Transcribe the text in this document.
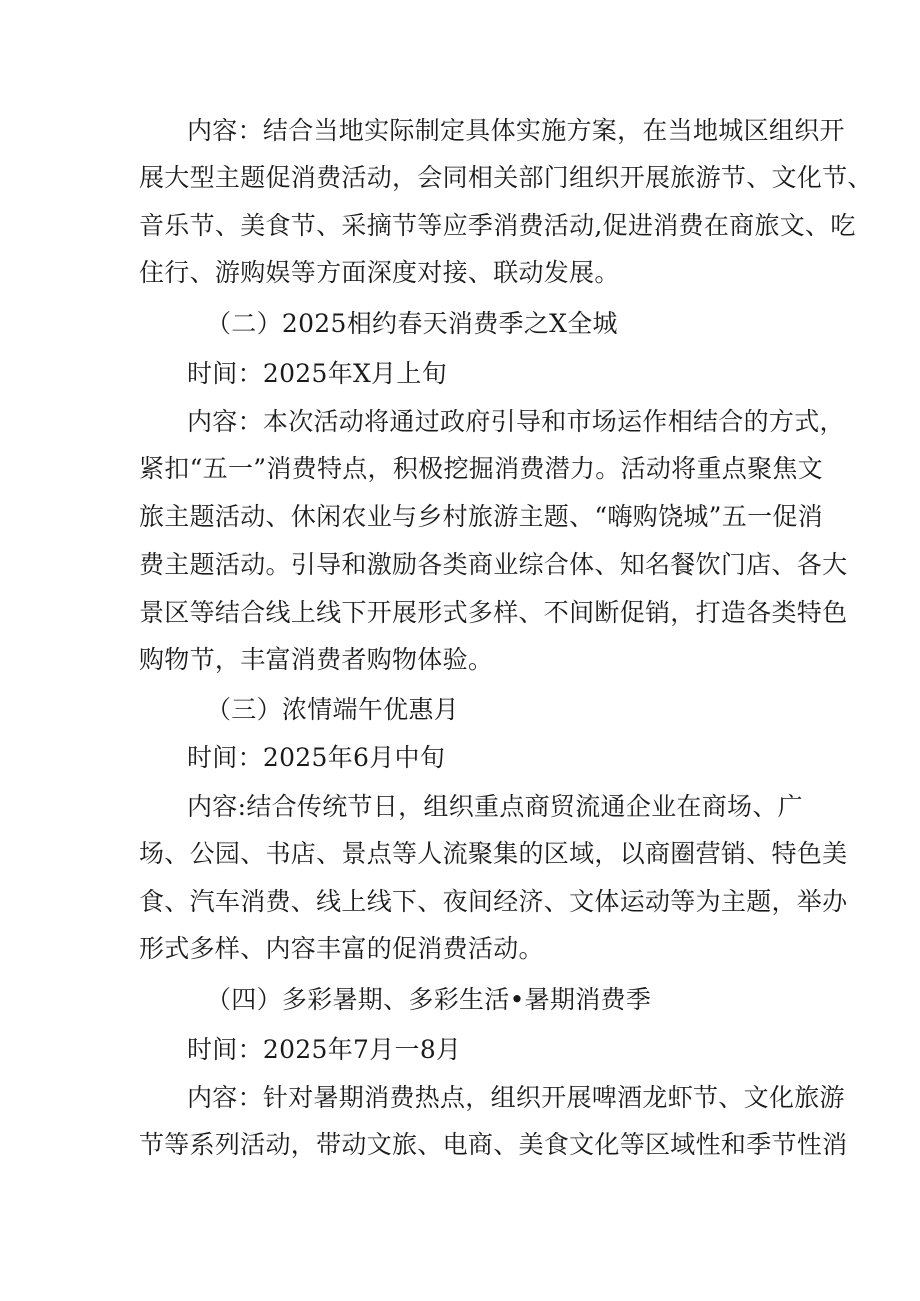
内容：结合当地实际制定具体实施方案，在当地城区组织开
展大型主题促消费活动，会同相关部门组织开展旅游节、文化节、
音乐节、美食节、采摘节等应季消费活动,促进消费在商旅文、吃
住行、游购娱等方面深度对接、联动发展。
（二）2025相约春天消费季之X全城
时间：2025年X月上旬
内容：本次活动将通过政府引导和市场运作相结合的方式，
紧扣“五一”消费特点，积极挖掘消费潜力。活动将重点聚焦文
旅主题活动、休闲农业与乡村旅游主题、“嗨购饶城”五一促消
费主题活动。引导和激励各类商业综合体、知名餐饮门店、各大
景区等结合线上线下开展形式多样、不间断促销，打造各类特色
购物节，丰富消费者购物体验。
（三）浓情端午优惠月
时间：2025年6月中旬
内容:结合传统节日，组织重点商贸流通企业在商场、广
场、公园、书店、景点等人流聚集的区域，以商圈营销、特色美
食、汽车消费、线上线下、夜间经济、文体运动等为主题，举办
形式多样、内容丰富的促消费活动。
（四）多彩暑期、多彩生活•暑期消费季
时间：2025年7月一8月
内容：针对暑期消费热点，组织开展啤酒龙虾节、文化旅游
节等系列活动，带动文旅、电商、美食文化等区域性和季节性消
